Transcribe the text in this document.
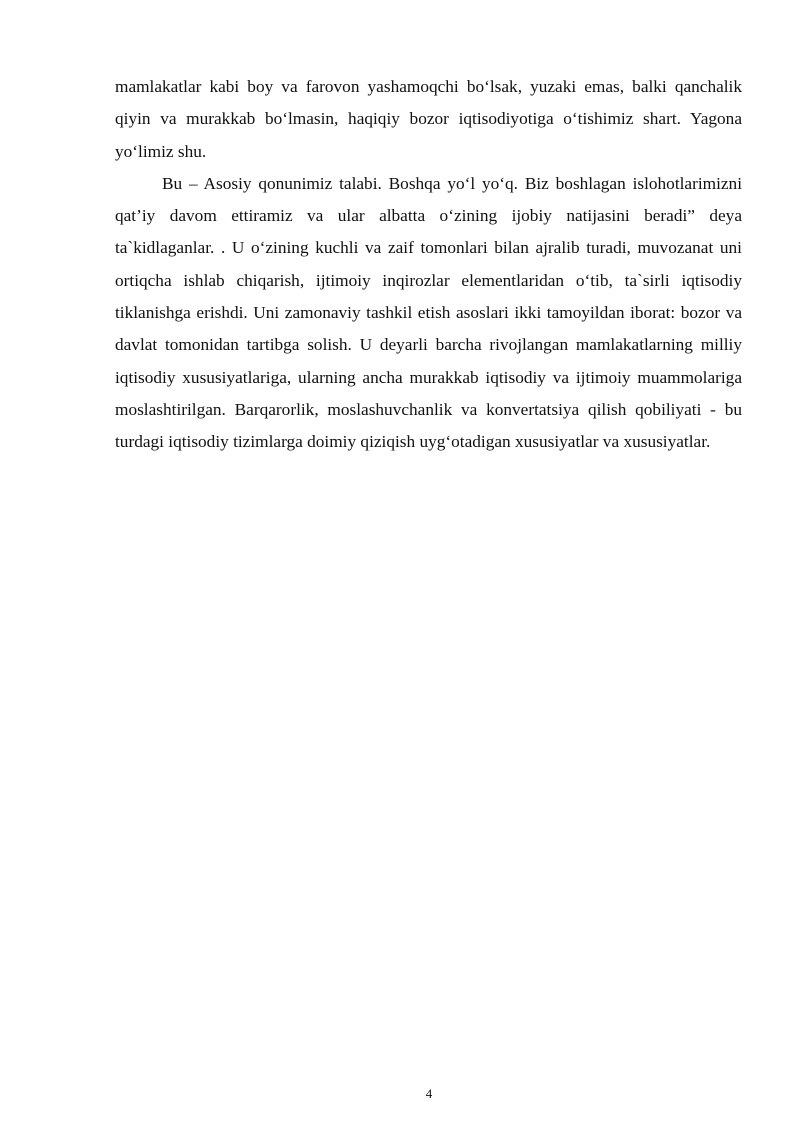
mamlakatlar kabi boy va farovon yashamoqchi bo‘lsak, yuzaki emas, balki qanchalik qiyin va murakkab bo‘lmasin, haqiqiy bozor iqtisodiyotiga o‘tishimiz shart. Yagona yo‘limiz shu.

Bu – Asosiy qonunimiz talabi. Boshqa yo‘l yo‘q. Biz boshlagan islohotlarimizni qat’iy davom ettiramiz va ular albatta o‘zining ijobiy natijasini beradi” deya ta`kidlaganlar. . U o‘zining kuchli va zaif tomonlari bilan ajralib turadi, muvozanat uni ortiqcha ishlab chiqarish, ijtimoiy inqirozlar elementlaridan o‘tib, ta`sirli iqtisodiy tiklanishga erishdi. Uni zamonaviy tashkil etish asoslari ikki tamoyildan iborat: bozor va davlat tomonidan tartibga solish. U deyarli barcha rivojlangan mamlakatlarning milliy iqtisodiy xususiyatlariga, ularning ancha murakkab iqtisodiy va ijtimoiy muammolariga moslashtirilgan. Barqarorlik, moslashuvchanlik va konvertatsiya qilish qobiliyati - bu turdagi iqtisodiy tizimlarga doimiy qiziqish uyg‘otadigan xususiyatlar va xususiyatlar.

4
